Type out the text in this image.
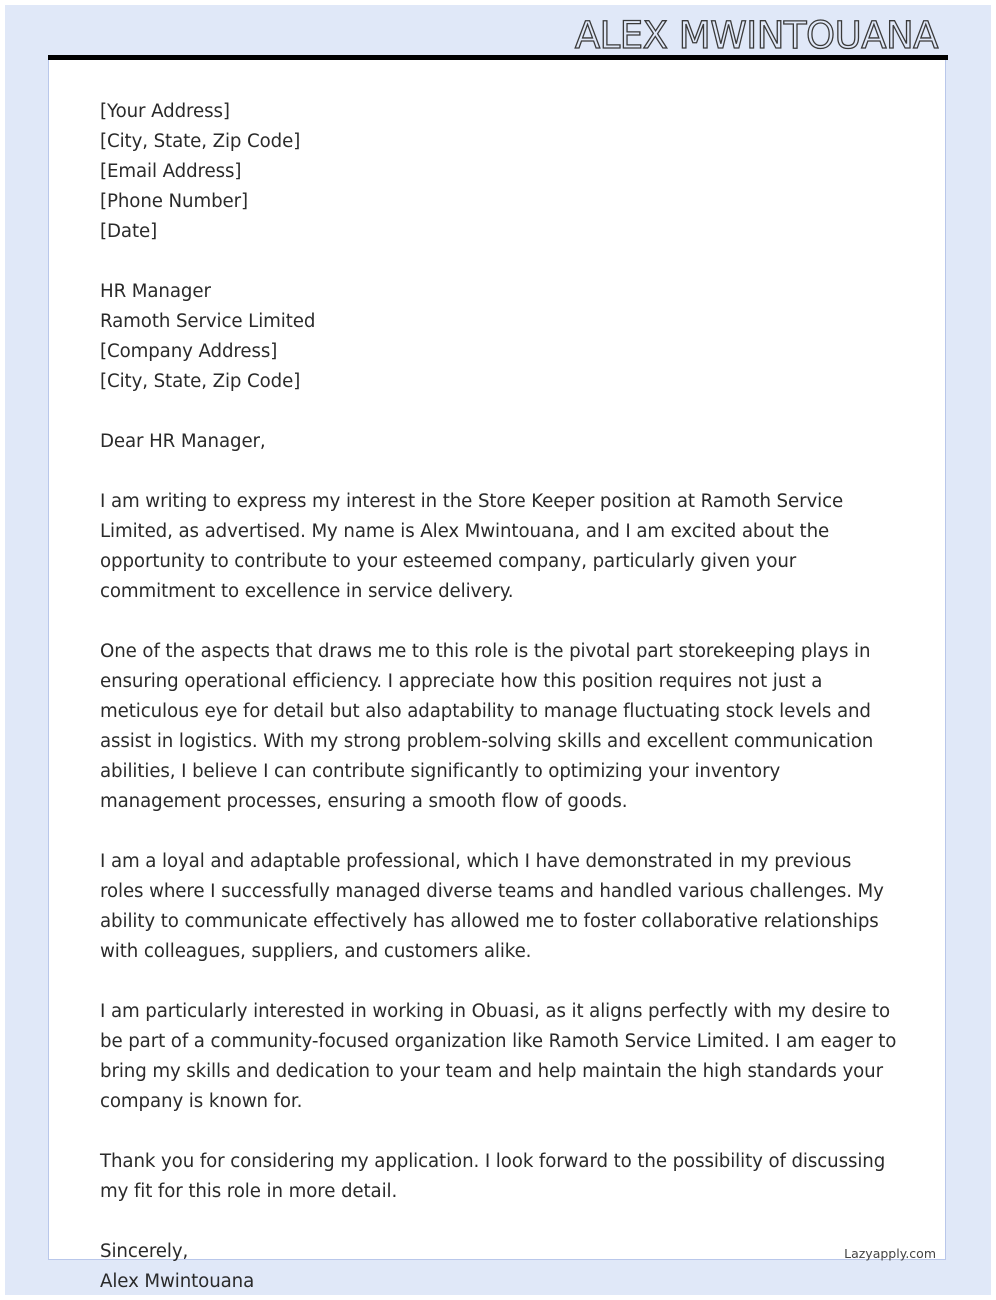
ALEX MWINTOUANA
[Your Address]
[City, State, Zip Code]
[Email Address]
[Phone Number]
[Date]
HR Manager
Ramoth Service Limited
[Company Address]
[City, State, Zip Code]

Dear HR Manager,

I am writing to express my interest in the Store Keeper position at Ramoth Service Limited, as advertised. My name is Alex Mwintouana, and I am excited about the opportunity to contribute to your esteemed company, particularly given your commitment to excellence in service delivery.

One of the aspects that draws me to this role is the pivotal part storekeeping plays in ensuring operational efficiency. I appreciate how this position requires not just a meticulous eye for detail but also adaptability to manage fluctuating stock levels and assist in logistics. With my strong problem-solving skills and excellent communication abilities, I believe I can contribute significantly to optimizing your inventory management processes, ensuring a smooth flow of goods.

I am a loyal and adaptable professional, which I have demonstrated in my previous roles where I successfully managed diverse teams and handled various challenges. My ability to communicate effectively has allowed me to foster collaborative relationships with colleagues, suppliers, and customers alike.

I am particularly interested in working in Obuasi, as it aligns perfectly with my desire to be part of a community-focused organization like Ramoth Service Limited. I am eager to bring my skills and dedication to your team and help maintain the high standards your company is known for.

Thank you for considering my application. I look forward to the possibility of discussing my fit for this role in more detail.

Sincerely,
Alex Mwintouana
Lazyapply.com
